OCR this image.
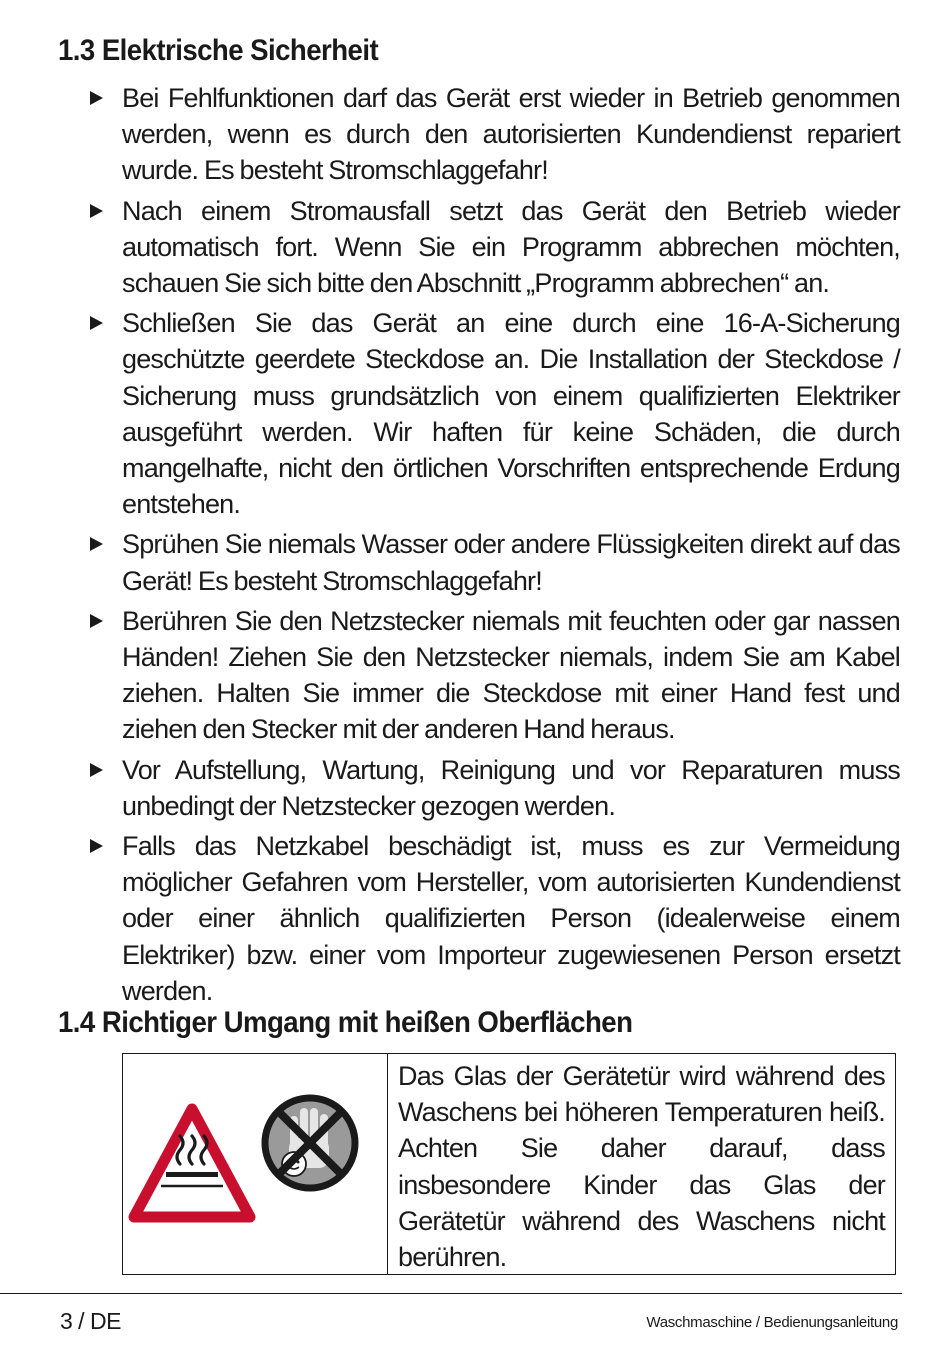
1.3 Elektrische Sicherheit
Bei Fehlfunktionen darf das Gerät erst wieder in Betrieb genommen werden, wenn es durch den autorisierten Kundendienst repariert wurde. Es besteht Stromschlaggefahr!
Nach einem Stromausfall setzt das Gerät den Betrieb wieder automatisch fort. Wenn Sie ein Programm abbrechen möchten, schauen Sie sich bitte den Abschnitt „Programm abbrechen“ an.
Schließen Sie das Gerät an eine durch eine 16-A-Sicherung geschützte geerdete Steckdose an. Die Installation der Steckdose / Sicherung muss grundsätzlich von einem qualifizierten Elektriker ausgeführt werden. Wir haften für keine Schäden, die durch mangelhafte, nicht den örtlichen Vorschriften entsprechende Erdung entstehen.
Sprühen Sie niemals Wasser oder andere Flüssigkeiten direkt auf das Gerät! Es besteht Stromschlaggefahr!
Berühren Sie den Netzstecker niemals mit feuchten oder gar nassen Händen! Ziehen Sie den Netzstecker niemals, indem Sie am Kabel ziehen. Halten Sie immer die Steckdose mit einer Hand fest und ziehen den Stecker mit der anderen Hand heraus.
Vor Aufstellung, Wartung, Reinigung und vor Reparaturen muss unbedingt der Netzstecker gezogen werden.
Falls das Netzkabel beschädigt ist, muss es zur Vermeidung möglicher Gefahren vom Hersteller, vom autorisierten Kundendienst oder einer ähnlich qualifizierten Person (idealerweise einem Elektriker) bzw. einer vom Importeur zugewiesenen Person ersetzt werden.
1.4 Richtiger Umgang mit heißen Oberflächen
Das Glas der Gerätetür wird während des Waschens bei höheren Temperaturen heiß. Achten Sie daher darauf, dass insbesondere Kinder das Glas der Gerätetür während des Waschens nicht berühren.
3 / DE	Waschmaschine / Bedienungsanleitung
